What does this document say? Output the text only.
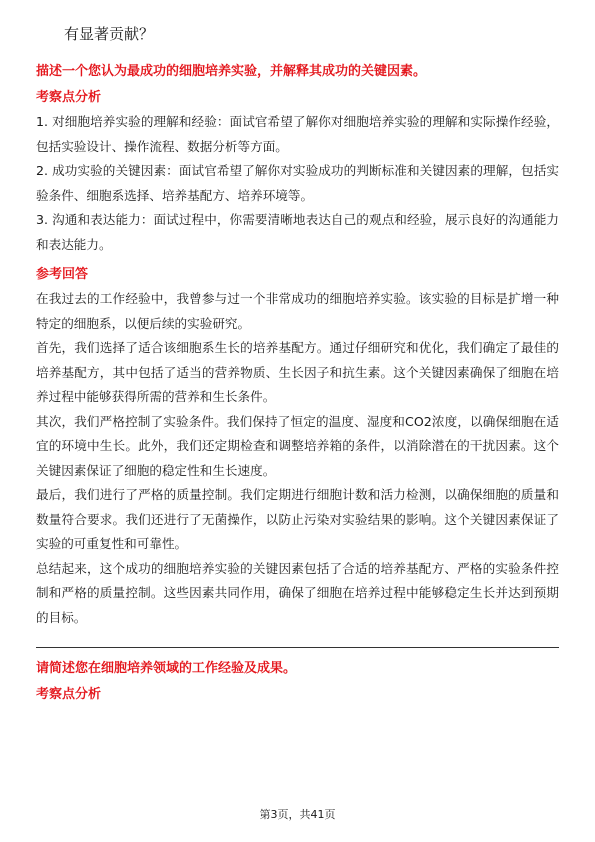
有显著贡献？

描述一个您认为最成功的细胞培养实验，并解释其成功的关键因素。

考察点分析

1. 对细胞培养实验的理解和经验：面试官希望了解你对细胞培养实验的理解和实际操作经验，包括实验设计、操作流程、数据分析等方面。

2. 成功实验的关键因素：面试官希望了解你对实验成功的判断标准和关键因素的理解，包括实验条件、细胞系选择、培养基配方、培养环境等。

3. 沟通和表达能力：面试过程中，你需要清晰地表达自己的观点和经验，展示良好的沟通能力和表达能力。

参考回答

在我过去的工作经验中，我曾参与过一个非常成功的细胞培养实验。该实验的目标是扩增一种特定的细胞系，以便后续的实验研究。

首先，我们选择了适合该细胞系生长的培养基配方。通过仔细研究和优化，我们确定了最佳的培养基配方，其中包括了适当的营养物质、生长因子和抗生素。这个关键因素确保了细胞在培养过程中能够获得所需的营养和生长条件。

其次，我们严格控制了实验条件。我们保持了恒定的温度、湿度和CO2浓度，以确保细胞在适宜的环境中生长。此外，我们还定期检查和调整培养箱的条件，以消除潜在的干扰因素。这个关键因素保证了细胞的稳定性和生长速度。

最后，我们进行了严格的质量控制。我们定期进行细胞计数和活力检测，以确保细胞的质量和数量符合要求。我们还进行了无菌操作，以防止污染对实验结果的影响。这个关键因素保证了实验的可重复性和可靠性。

总结起来，这个成功的细胞培养实验的关键因素包括了合适的培养基配方、严格的实验条件控制和严格的质量控制。这些因素共同作用，确保了细胞在培养过程中能够稳定生长并达到预期的目标。

请简述您在细胞培养领域的工作经验及成果。

考察点分析

第3页，共41页
